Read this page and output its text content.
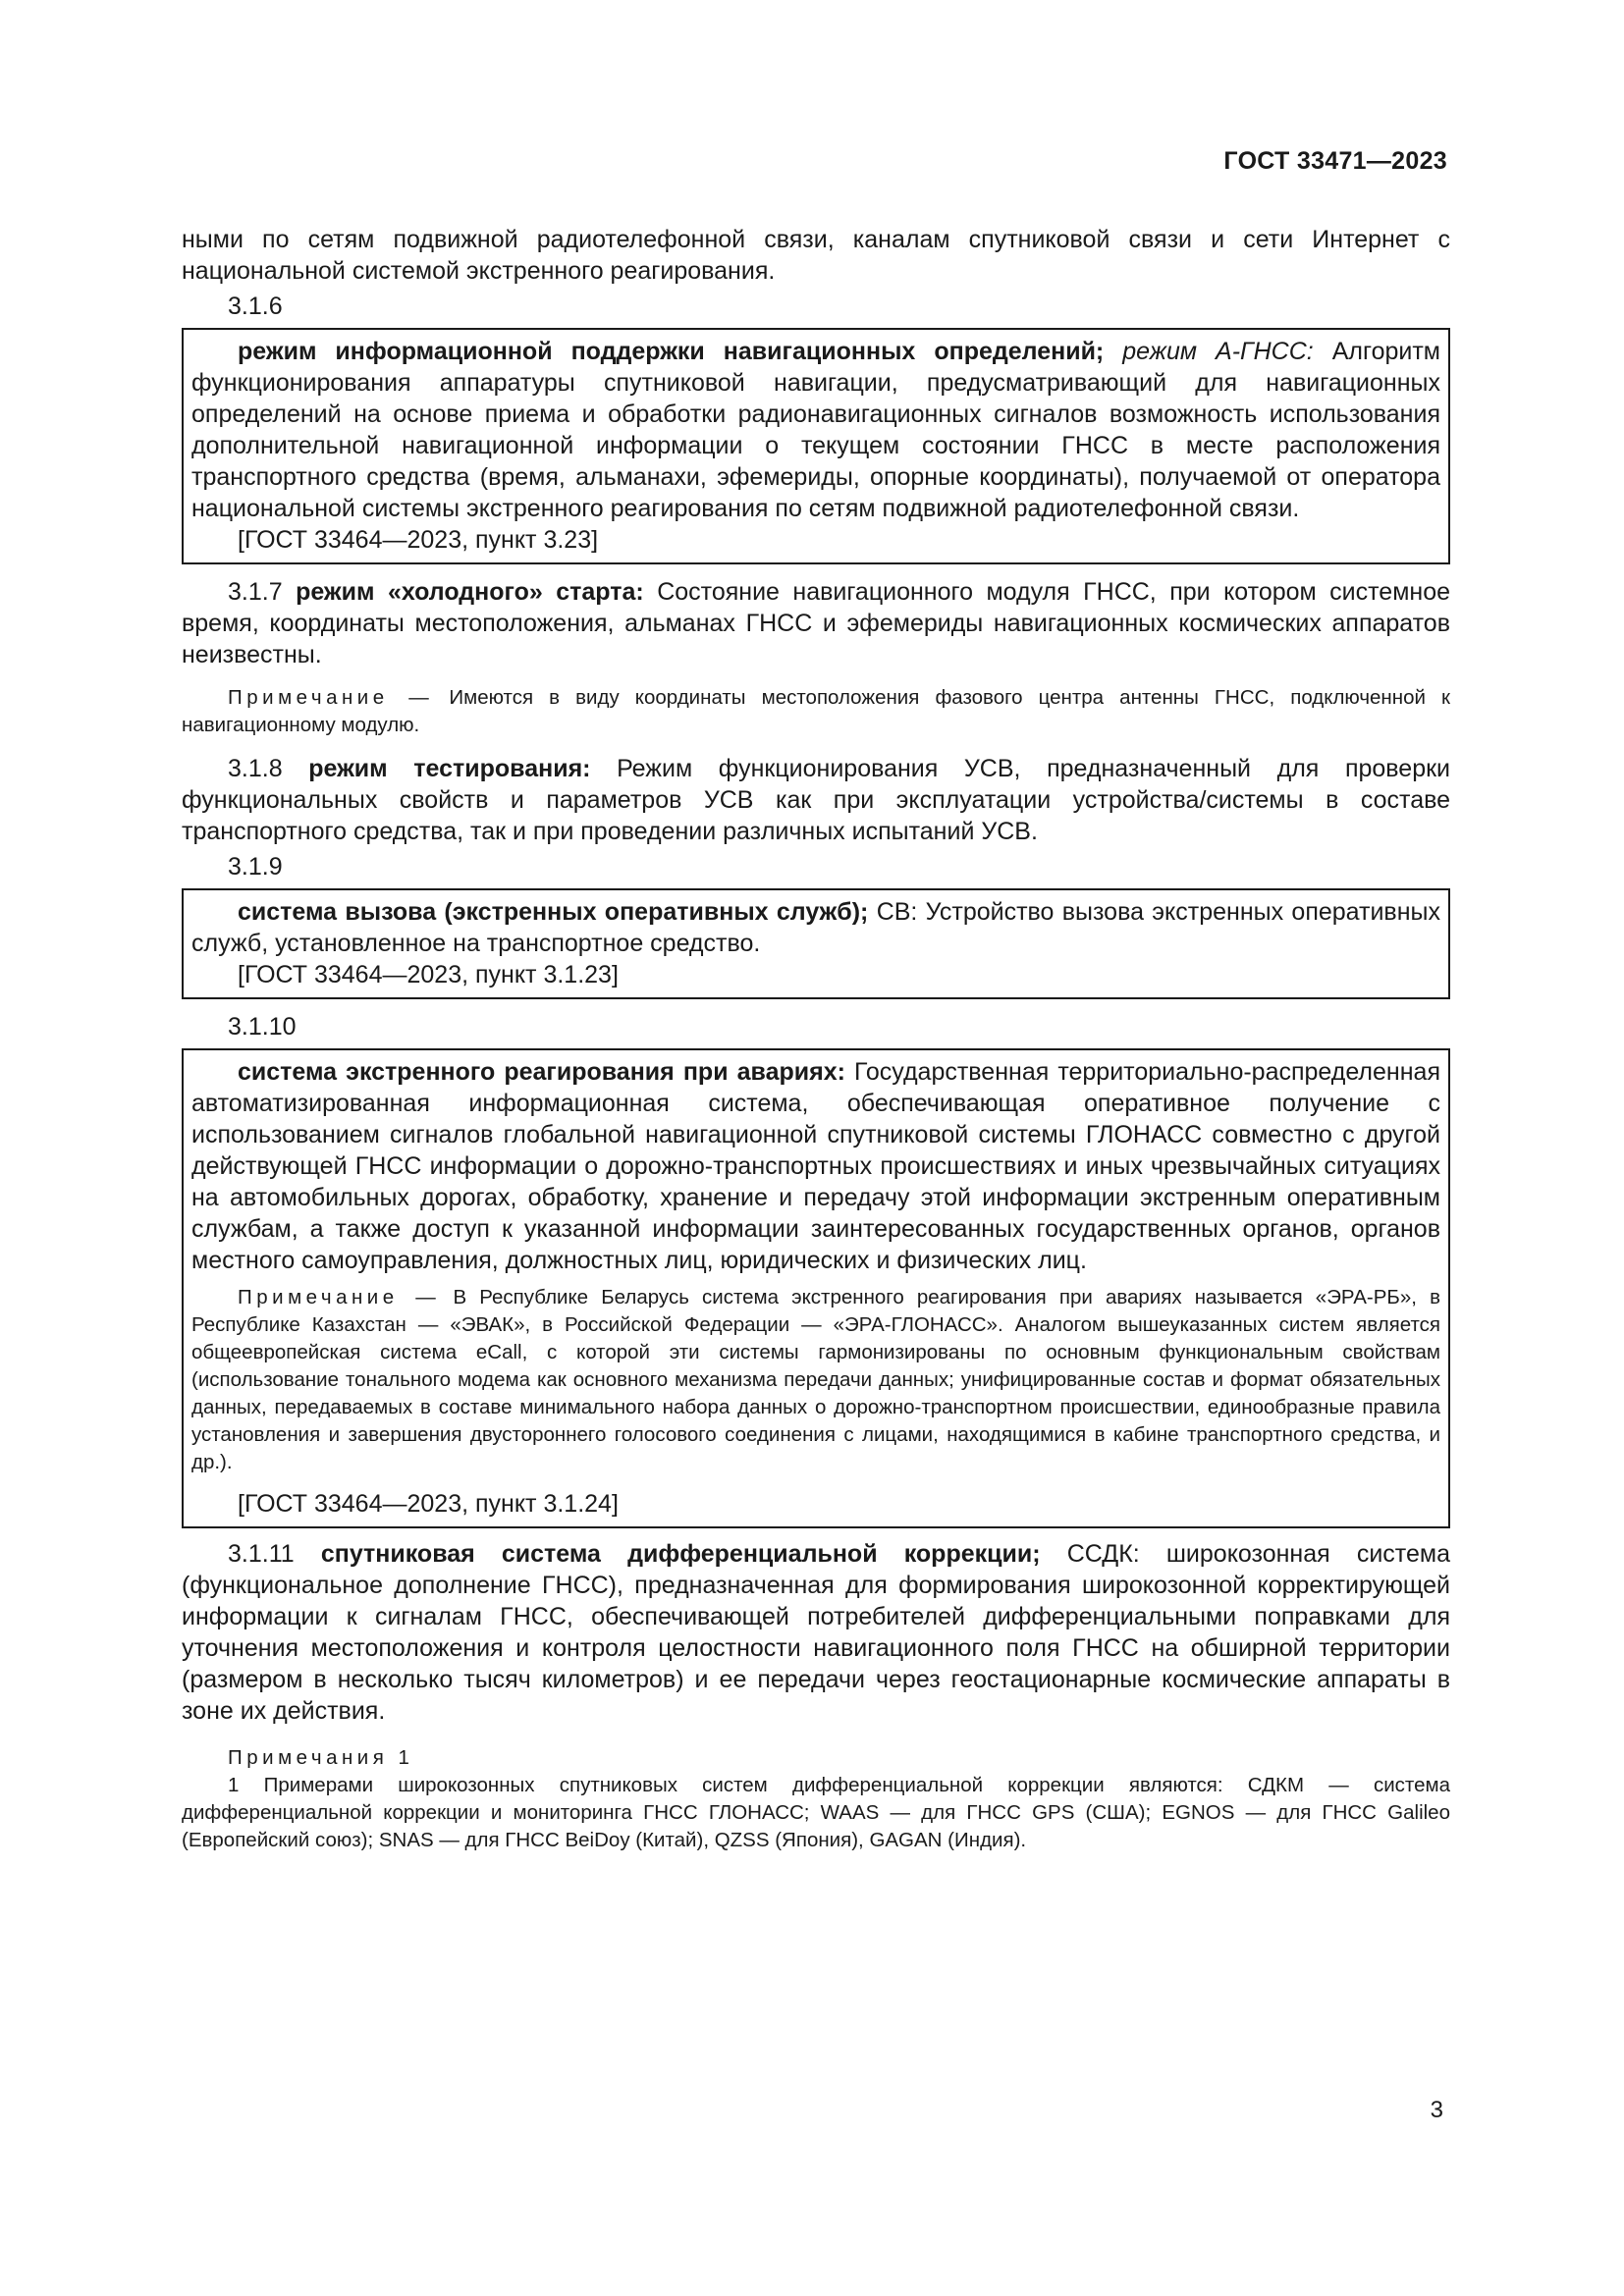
ГОСТ 33471—2023

ными по сетям подвижной радиотелефонной связи, каналам спутниковой связи и сети Интернет с национальной системой экстренного реагирования.

3.1.6

режим информационной поддержки навигационных определений; режим А-ГНСС: Алгоритм функционирования аппаратуры спутниковой навигации, предусматривающий для навигационных определений на основе приема и обработки радионавигационных сигналов возможность использования дополнительной навигационной информации о текущем состоянии ГНСС в месте расположения транспортного средства (время, альманахи, эфемериды, опорные координаты), получаемой от оператора национальной системы экстренного реагирования по сетям подвижной радиотелефонной связи.

[ГОСТ 33464—2023, пункт 3.23]

3.1.7 режим «холодного» старта: Состояние навигационного модуля ГНСС, при котором системное время, координаты местоположения, альманах ГНСС и эфемериды навигационных космических аппаратов неизвестны.

Примечание — Имеются в виду координаты местоположения фазового центра антенны ГНСС, подключенной к навигационному модулю.

3.1.8 режим тестирования: Режим функционирования УСВ, предназначенный для проверки функциональных свойств и параметров УСВ как при эксплуатации устройства/системы в составе транспортного средства, так и при проведении различных испытаний УСВ.

3.1.9

система вызова (экстренных оперативных служб); СВ: Устройство вызова экстренных оперативных служб, установленное на транспортное средство.

[ГОСТ 33464—2023, пункт 3.1.23]

3.1.10

система экстренного реагирования при авариях: Государственная территориально-распределенная автоматизированная информационная система, обеспечивающая оперативное получение с использованием сигналов глобальной навигационной спутниковой системы ГЛОНАСС совместно с другой действующей ГНСС информации о дорожно-транспортных происшествиях и иных чрезвычайных ситуациях на автомобильных дорогах, обработку, хранение и передачу этой информации экстренным оперативным службам, а также доступ к указанной информации заинтересованных государственных органов, органов местного самоуправления, должностных лиц, юридических и физических лиц.

Примечание — В Республике Беларусь система экстренного реагирования при авариях называется «ЭРА-РБ», в Республике Казахстан — «ЭВАК», в Российской Федерации — «ЭРА-ГЛОНАСС». Аналогом вышеуказанных систем является общеевропейская система eCall, с которой эти системы гармонизированы по основным функциональным свойствам (использование тонального модема как основного механизма передачи данных; унифицированные состав и формат обязательных данных, передаваемых в составе минимального набора данных о дорожно-транспортном происшествии, единообразные правила установления и завершения двустороннего голосового соединения с лицами, находящимися в кабине транспортного средства, и др.).

[ГОСТ 33464—2023, пункт 3.1.24]

3.1.11 спутниковая система дифференциальной коррекции; ССДК: широкозонная система (функциональное дополнение ГНСС), предназначенная для формирования широкозонной корректирующей информации к сигналам ГНСС, обеспечивающей потребителей дифференциальными поправками для уточнения местоположения и контроля целостности навигационного поля ГНСС на обширной территории (размером в несколько тысяч километров) и ее передачи через геостационарные космические аппараты в зоне их действия.

Примечания 1

1 Примерами широкозонных спутниковых систем дифференциальной коррекции являются: СДКМ — система дифференциальной коррекции и мониторинга ГНСС ГЛОНАСС; WAAS — для ГНСС GPS (США); EGNOS — для ГНСС Galileo (Европейский союз); SNAS — для ГНСС BeiDoy (Китай), QZSS (Япония), GAGAN (Индия).

3
